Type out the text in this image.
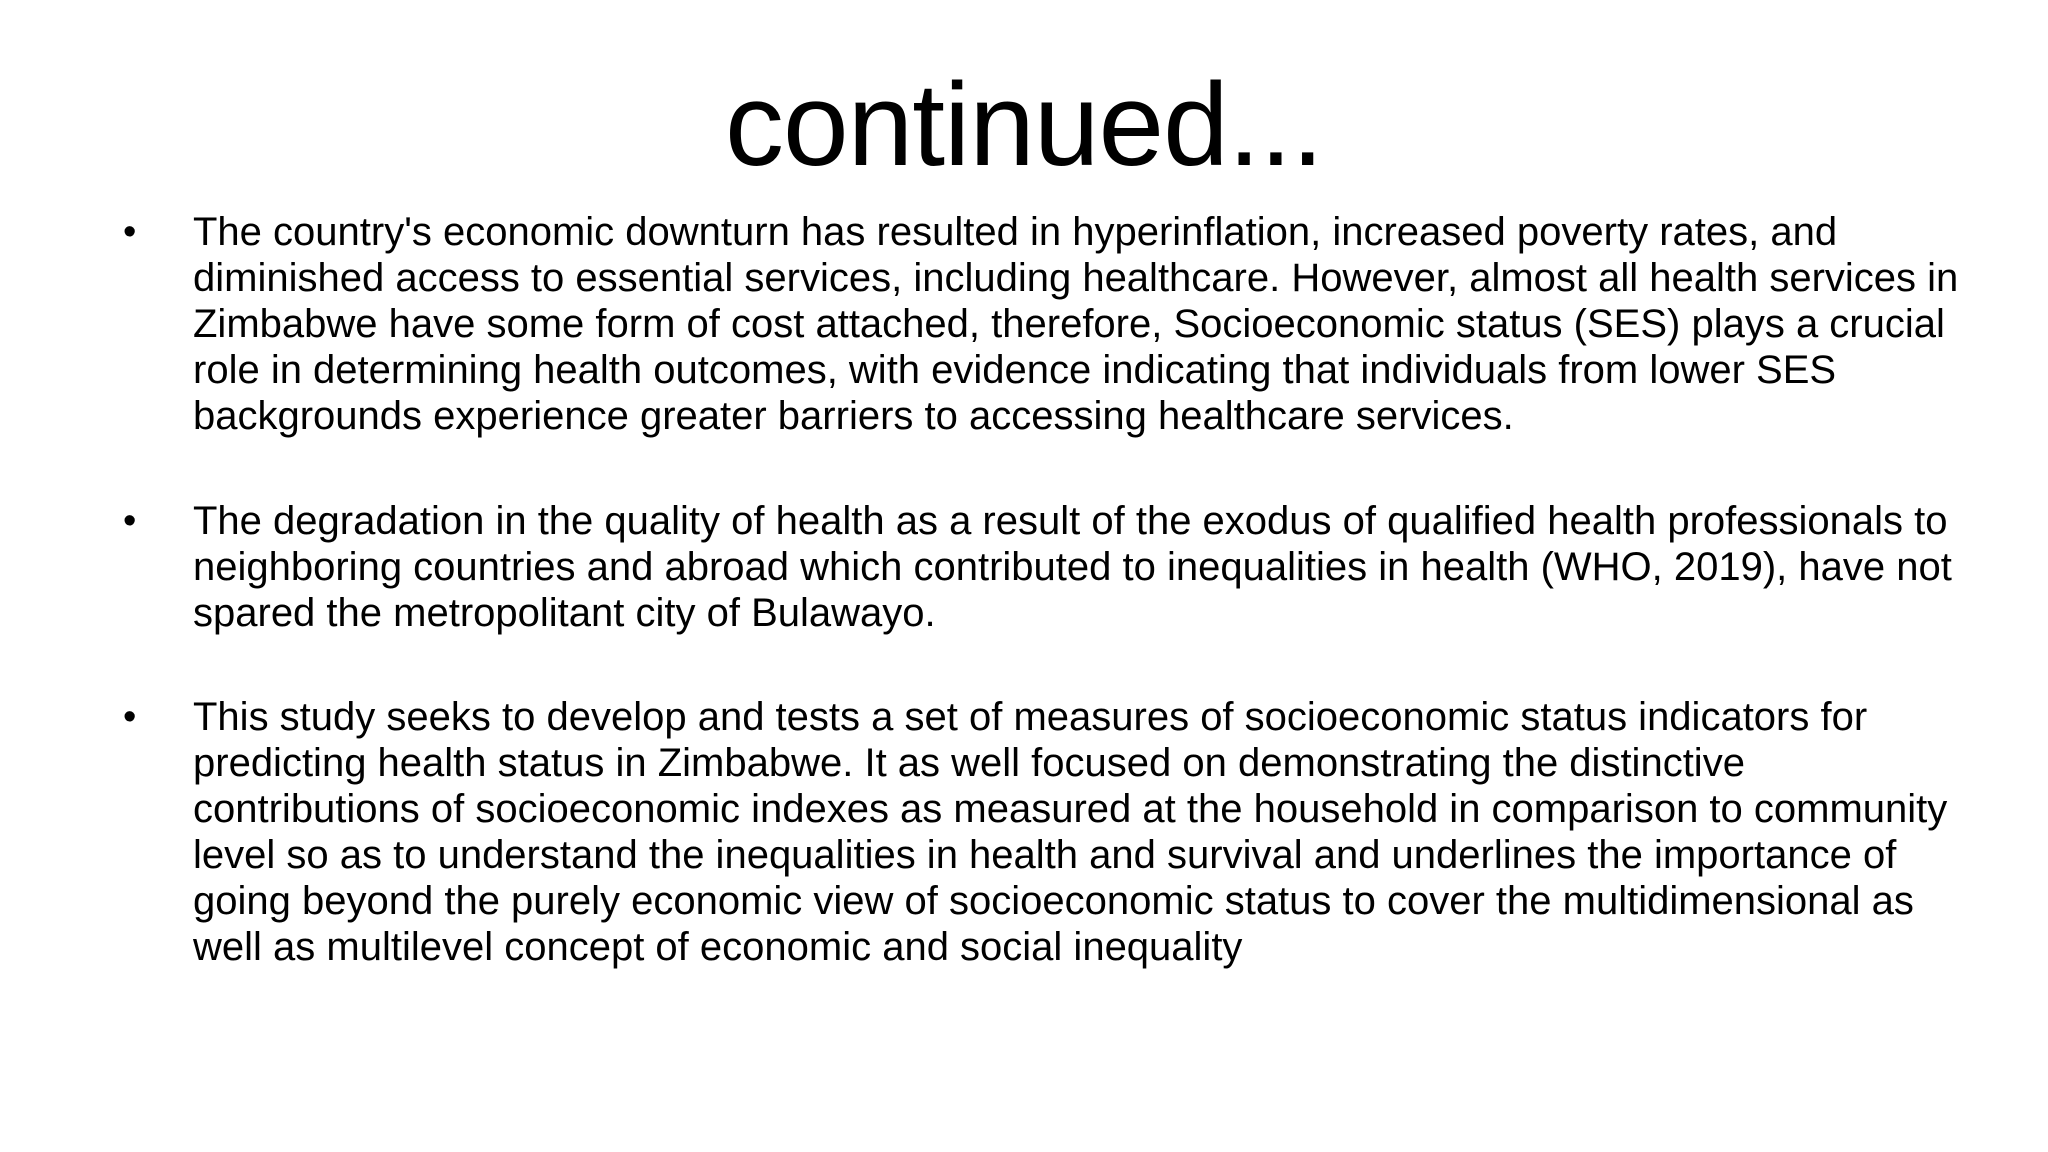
continued...
• The country's economic downturn has resulted in hyperinflation, increased poverty rates, and diminished access to essential services, including healthcare. However, almost all health services in Zimbabwe have some form of cost attached, therefore, Socioeconomic status (SES) plays a crucial role in determining health outcomes, with evidence indicating that individuals from lower SES backgrounds experience greater barriers to accessing healthcare services.

• The degradation in the quality of health as a result of the exodus of qualified health professionals to neighboring countries and abroad which contributed to inequalities in health (WHO, 2019), have not spared the metropolitant city of Bulawayo.

• This study seeks to develop and tests a set of measures of socioeconomic status indicators for predicting health status in Zimbabwe. It as well focused on demonstrating the distinctive contributions of socioeconomic indexes as measured at the household in comparison to community level so as to understand the inequalities in health and survival and underlines the importance of going beyond the purely economic view of socioeconomic status to cover the multidimensional as well as multilevel concept of economic and social inequality
